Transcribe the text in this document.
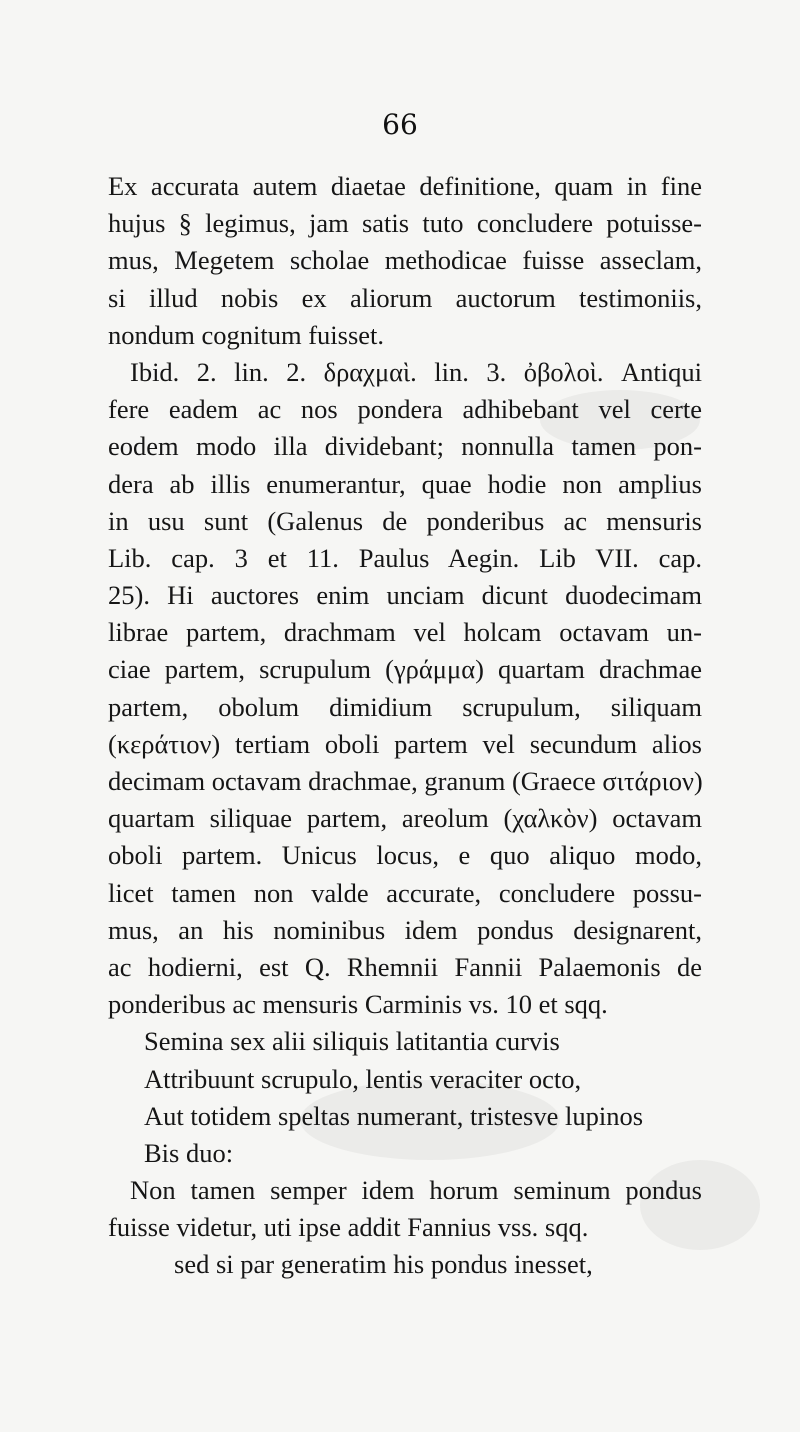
66
Ex accurata autem diaetae definitione, quam in fine
hujus § legimus, jam satis tuto concludere potuisse-
mus, Megetem scholae methodicae fuisse asseclam,
si illud nobis ex aliorum auctorum testimoniis,
nondum cognitum fuisset.
Ibid. 2. lin. 2. δραχμαὶ. lin. 3. ὀβολοὶ. Antiqui
fere eadem ac nos pondera adhibebant vel certe
eodem modo illa dividebant; nonnulla tamen pon-
dera ab illis enumerantur, quae hodie non amplius
in usu sunt (Galenus de ponderibus ac mensuris
Lib. cap. 3 et 11. Paulus Aegin. Lib VII. cap.
25). Hi auctores enim unciam dicunt duodecimam
librae partem, drachmam vel holcam octavam un-
ciae partem, scrupulum (γράμμα) quartam drachmae
partem, obolum dimidium scrupulum, siliquam
(κεράτιον) tertiam oboli partem vel secundum alios
decimam octavam drachmae, granum (Graece σιτάριον)
quartam siliquae partem, areolum (χαλκὸν) octavam
oboli partem. Unicus locus, e quo aliquo modo,
licet tamen non valde accurate, concludere possu-
mus, an his nominibus idem pondus designarent,
ac hodierni, est Q. Rhemnii Fannii Palaemonis de
ponderibus ac mensuris Carminis vs. 10 et sqq.
Semina sex alii siliquis latitantia curvis
Attribuunt scrupulo, lentis veraciter octo,
Aut totidem speltas numerant, tristesve lupinos
Bis duo:
Non tamen semper idem horum seminum pondus
fuisse videtur, uti ipse addit Fannius vss. sqq.
sed si par generatim his pondus inesset,
